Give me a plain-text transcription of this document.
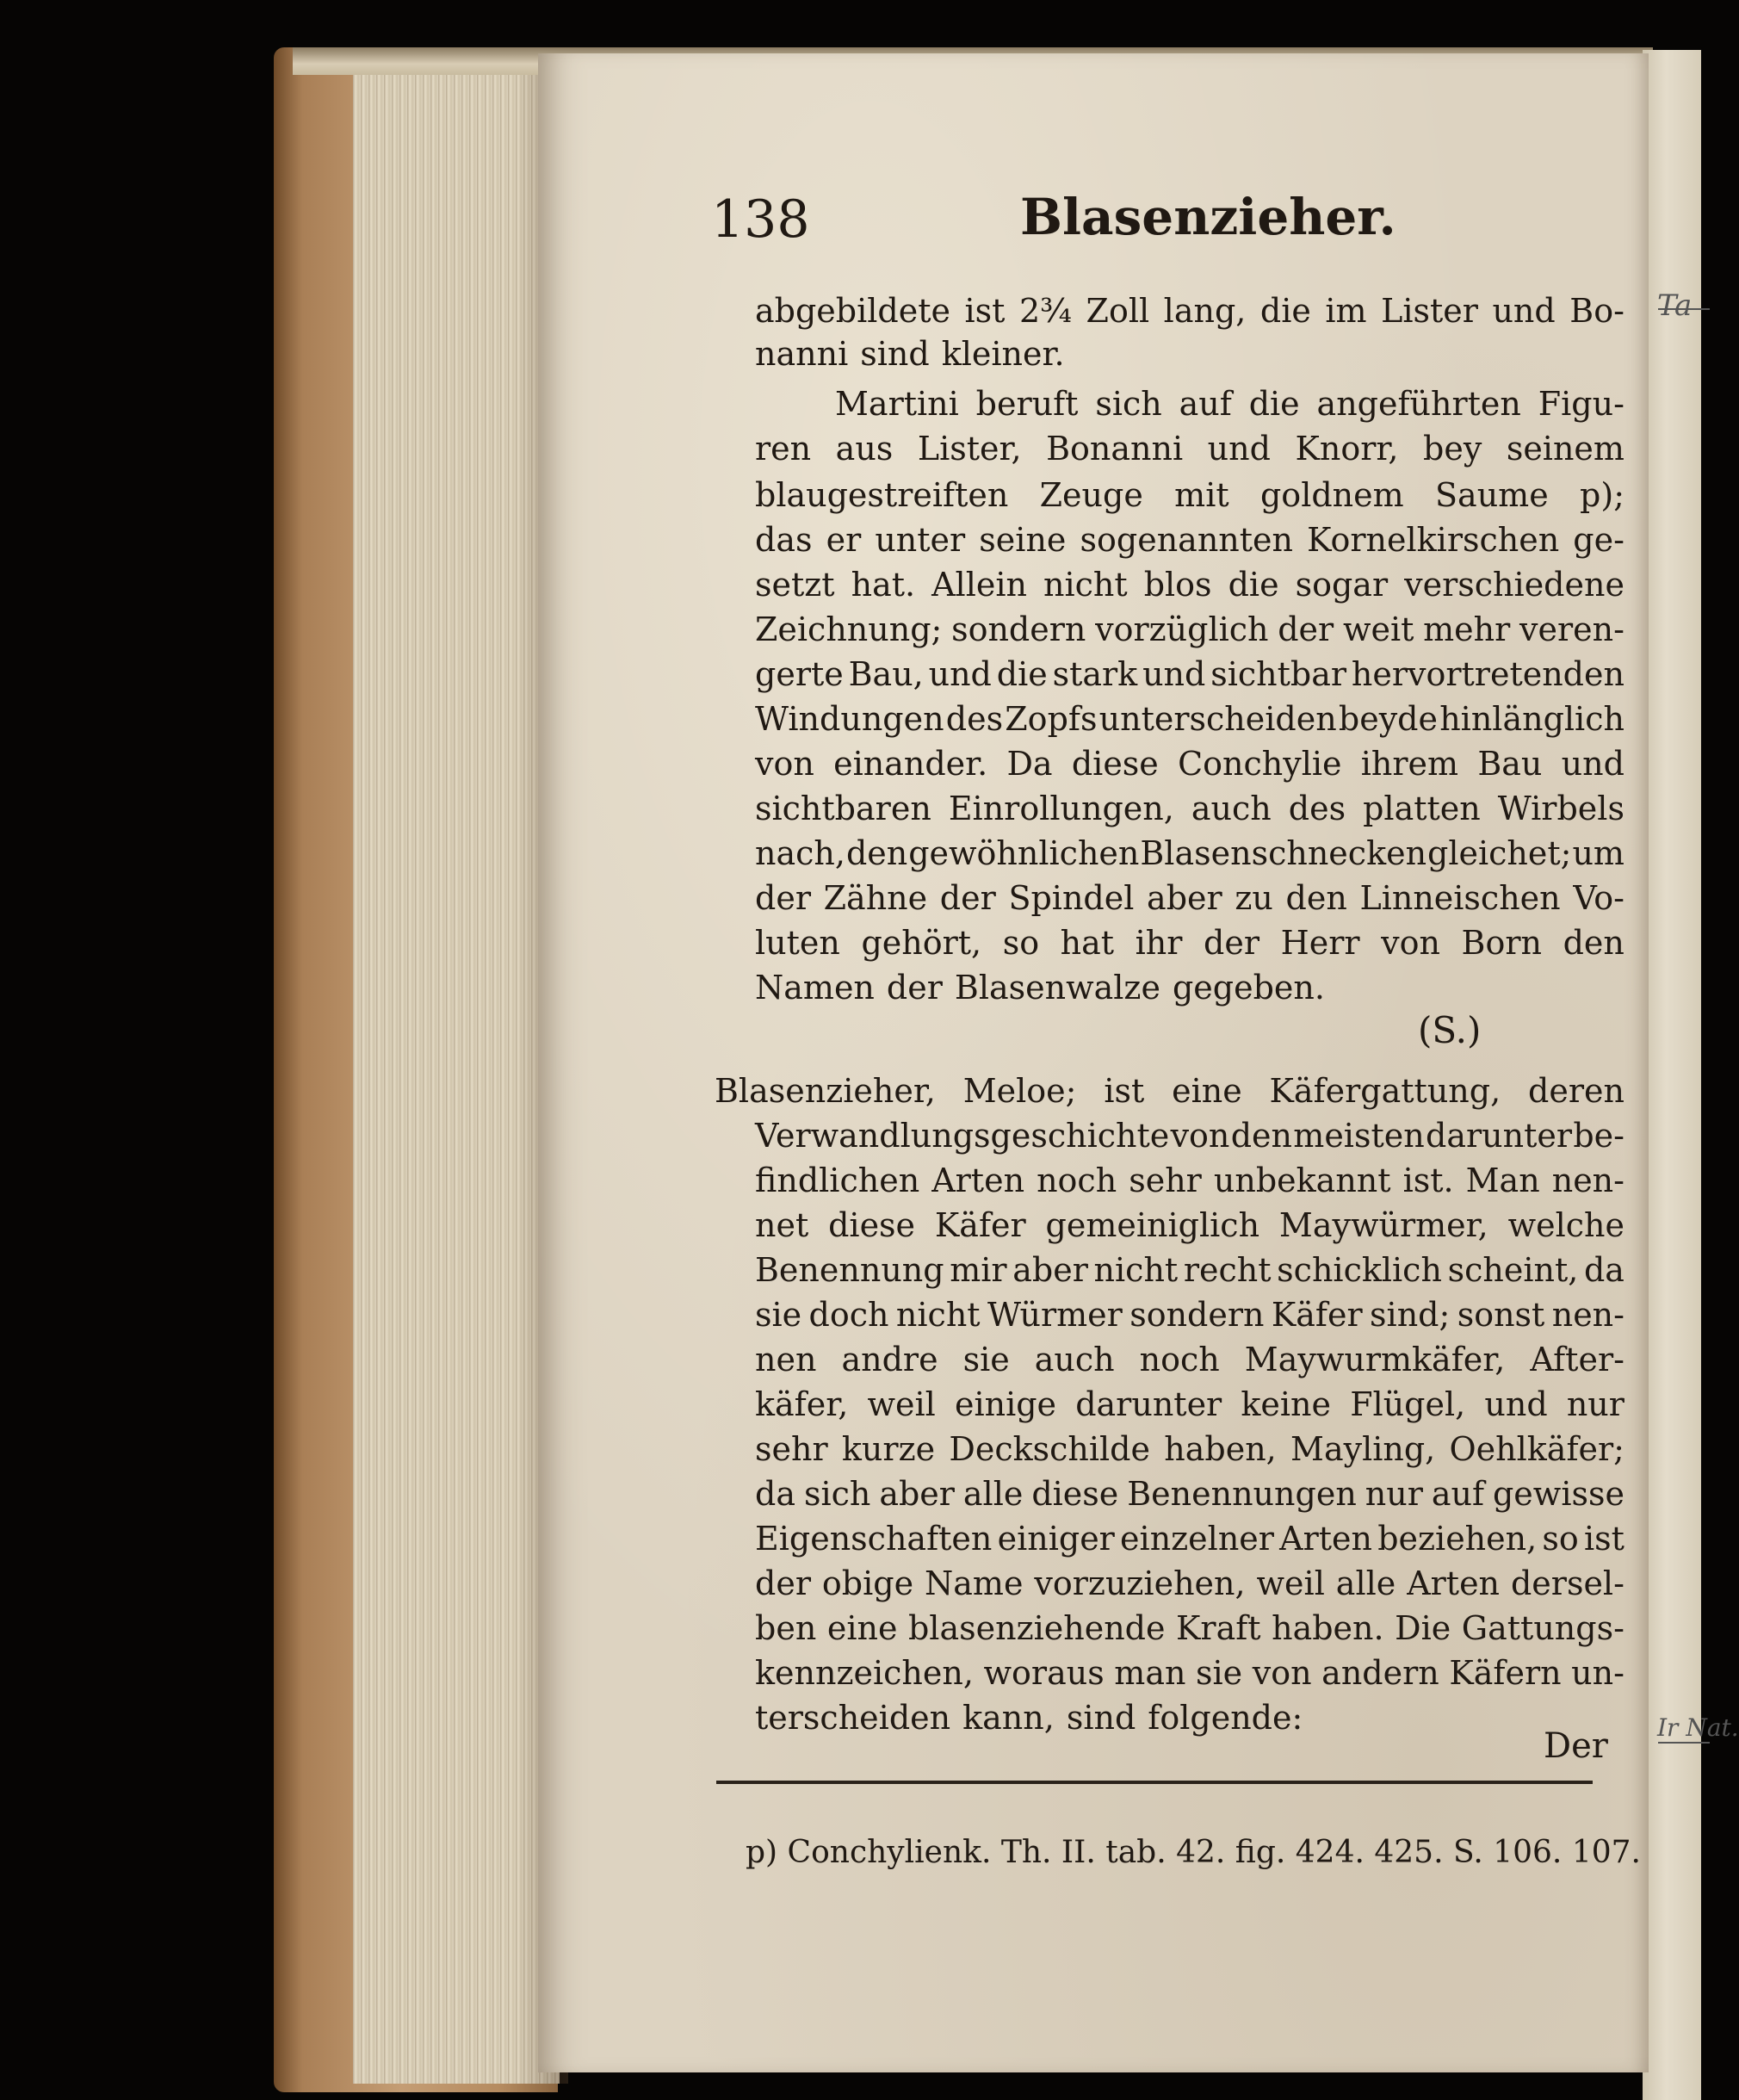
Ta
Ir Nat.
138	Blasenzieher.
abgebildete ist 2¾ Zoll lang, die im Lister und Bo-
nanni sind kleiner.
Martini beruft sich auf die angeführten Figu-
ren aus Lister, Bonanni und Knorr, bey seinem
blaugestreiften Zeuge mit goldnem Saume p);
das er unter seine sogenannten Kornelkirschen ge-
setzt hat. Allein nicht blos die sogar verschiedene
Zeichnung; sondern vorzüglich der weit mehr veren-
gerte Bau, und die stark und sichtbar hervortretenden
Windungen des Zopfs unterscheiden beyde hinlänglich
von einander. Da diese Conchylie ihrem Bau und
sichtbaren Einrollungen, auch des platten Wirbels
nach, den gewöhnlichen Blasenschnecken gleichet; um
der Zähne der Spindel aber zu den Linneischen Vo-
luten gehört, so hat ihr der Herr von Born den
Namen der Blasenwalze gegeben.
(S.)
Blasenzieher, Meloe; ist eine Käfergattung, deren
Verwandlungsgeschichte von den meisten darunter be-
findlichen Arten noch sehr unbekannt ist. Man nen-
net diese Käfer gemeiniglich Maywürmer, welche
Benennung mir aber nicht recht schicklich scheint, da
sie doch nicht Würmer sondern Käfer sind; sonst nen-
nen andre sie auch noch Maywurmkäfer, After-
käfer, weil einige darunter keine Flügel, und nur
sehr kurze Deckschilde haben, Mayling, Oehlkäfer;
da sich aber alle diese Benennungen nur auf gewisse
Eigenschaften einiger einzelner Arten beziehen, so ist
der obige Name vorzuziehen, weil alle Arten dersel-
ben eine blasenziehende Kraft haben. Die Gattungs-
kennzeichen, woraus man sie von andern Käfern un-
terscheiden kann, sind folgende:
Der
p) Conchylienk. Th. II. tab. 42. fig. 424. 425. S. 106. 107.
